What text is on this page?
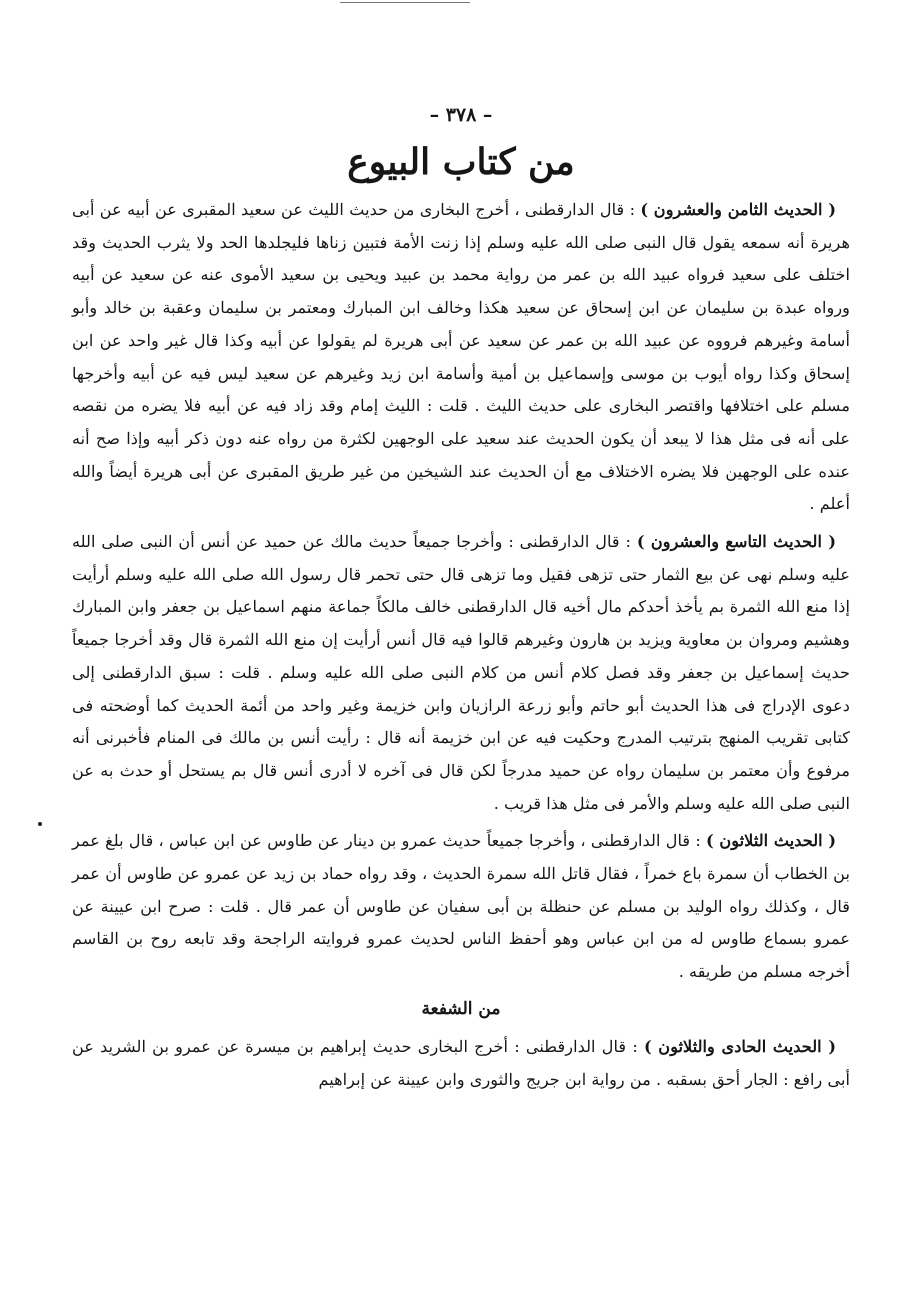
– ٣٧٨ –

من كتاب البيوع

( الحديث الثامن والعشرون ) : قال الدارقطنى ، أخرج البخارى من حديث الليث عن سعيد المقبرى عن أبيه عن أبى هريرة أنه سمعه يقول قال النبى صلى الله عليه وسلم إذا زنت الأمة فتبين زناها فليجلدها الحد ولا يثرب الحديث وقد اختلف على سعيد فرواه عبيد الله بن عمر من رواية محمد بن عبيد ويحيى بن سعيد الأموى عنه عن سعيد عن أبيه ورواه عبدة بن سليمان عن ابن إسحاق عن سعيد هكذا وخالف ابن المبارك ومعتمر بن سليمان وعقبة بن خالد وأبو أسامة وغيرهم فرووه عن عبيد الله بن عمر عن سعيد عن أبى هريرة لم يقولوا عن أبيه وكذا قال غير واحد عن ابن إسحاق وكذا رواه أيوب بن موسى وإسماعيل بن أمية وأسامة ابن زيد وغيرهم عن سعيد ليس فيه عن أبيه وأخرجها مسلم على اختلافها واقتصر البخارى على حديث الليث . قلت : الليث إمام وقد زاد فيه عن أبيه فلا يضره من نقصه على أنه فى مثل هذا لا يبعد أن يكون الحديث عند سعيد على الوجهين لكثرة من رواه عنه دون ذكر أبيه وإذا صح أنه عنده على الوجهين فلا يضره الاختلاف مع أن الحديث عند الشيخين من غير طريق المقبرى عن أبى هريرة أيضاً والله أعلم .

( الحديث التاسع والعشرون ) : قال الدارقطنى : وأخرجا جميعاً حديث مالك عن حميد عن أنس أن النبى صلى الله عليه وسلم نهى عن بيع الثمار حتى تزهى فقيل وما تزهى قال حتى تحمر قال رسول الله صلى الله عليه وسلم أرأيت إذا منع الله الثمرة بم يأخذ أحدكم مال أخيه قال الدارقطنى خالف مالكاً جماعة منهم اسماعيل بن جعفر وابن المبارك وهشيم ومروان بن معاوية ويزيد بن هارون وغيرهم قالوا فيه قال أنس أرأيت إن منع الله الثمرة قال وقد أخرجا جميعاً حديث إسماعيل بن جعفر وقد فصل كلام أنس من كلام النبى صلى الله عليه وسلم . قلت : سبق الدارقطنى إلى دعوى الإدراج فى هذا الحديث أبو حاتم وأبو زرعة الرازيان وابن خزيمة وغير واحد من أئمة الحديث كما أوضحته فى كتابى تقريب المنهج بترتيب المدرج وحكيت فيه عن ابن خزيمة أنه قال : رأيت أنس بن مالك فى المنام فأخبرنى أنه مرفوع وأن معتمر بن سليمان رواه عن حميد مدرجاً لكن قال فى آخره لا أدرى أنس قال بم يستحل أو حدث به عن النبى صلى الله عليه وسلم والأمر فى مثل هذا قريب .

( الحديث الثلاثون ) : قال الدارقطنى ، وأخرجا جميعاً حديث عمرو بن دينار عن طاوس عن ابن عباس ، قال بلغ عمر بن الخطاب أن سمرة باع خمراً ، فقال قاتل الله سمرة الحديث ، وقد رواه حماد بن زيد عن عمرو عن طاوس أن عمر قال ، وكذلك رواه الوليد بن مسلم عن حنظلة بن أبى سفيان عن طاوس أن عمر قال . قلت : صرح ابن عيينة عن عمرو بسماع طاوس له من ابن عباس وهو أحفظ الناس لحديث عمرو فروايته الراجحة وقد تابعه روح بن القاسم أخرجه مسلم من طريقه .

من الشفعة

( الحديث الحادى والثلاثون ) : قال الدارقطنى : أخرج البخارى حديث إبراهيم بن ميسرة عن عمرو بن الشريد عن أبى رافع : الجار أحق بسقبه . من رواية ابن جريج والثورى وابن عيينة عن إبراهيم
